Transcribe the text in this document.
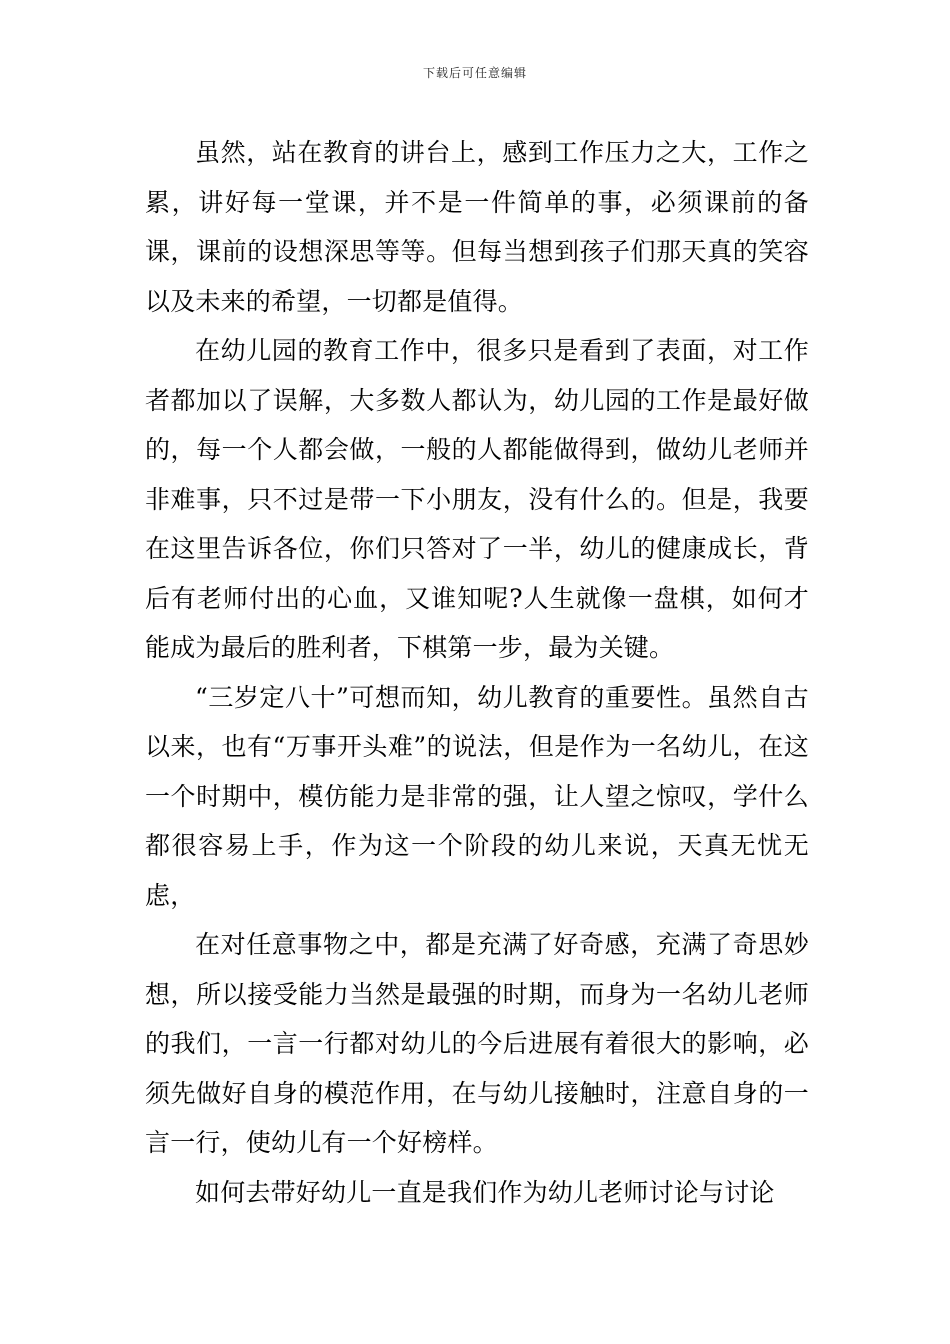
下载后可任意编辑

虽然，站在教育的讲台上，感到工作压力之大，工作之累，讲好每一堂课，并不是一件简单的事，必须课前的备课，课前的设想深思等等。但每当想到孩子们那天真的笑容以及未来的希望，一切都是值得。

在幼儿园的教育工作中，很多只是看到了表面，对工作者都加以了误解，大多数人都认为，幼儿园的工作是最好做的，每一个人都会做，一般的人都能做得到，做幼儿老师并非难事，只不过是带一下小朋友，没有什么的。但是，我要在这里告诉各位，你们只答对了一半，幼儿的健康成长，背后有老师付出的心血，又谁知呢?人生就像一盘棋，如何才能成为最后的胜利者，下棋第一步，最为关键。

“三岁定八十”可想而知，幼儿教育的重要性。虽然自古以来，也有“万事开头难”的说法，但是作为一名幼儿，在这一个时期中，模仿能力是非常的强，让人望之惊叹，学什么都很容易上手，作为这一个阶段的幼儿来说，天真无忧无虑，

在对任意事物之中，都是充满了好奇感，充满了奇思妙想，所以接受能力当然是最强的时期，而身为一名幼儿老师的我们，一言一行都对幼儿的今后进展有着很大的影响，必须先做好自身的模范作用，在与幼儿接触时，注意自身的一言一行，使幼儿有一个好榜样。

如何去带好幼儿一直是我们作为幼儿老师讨论与讨论
